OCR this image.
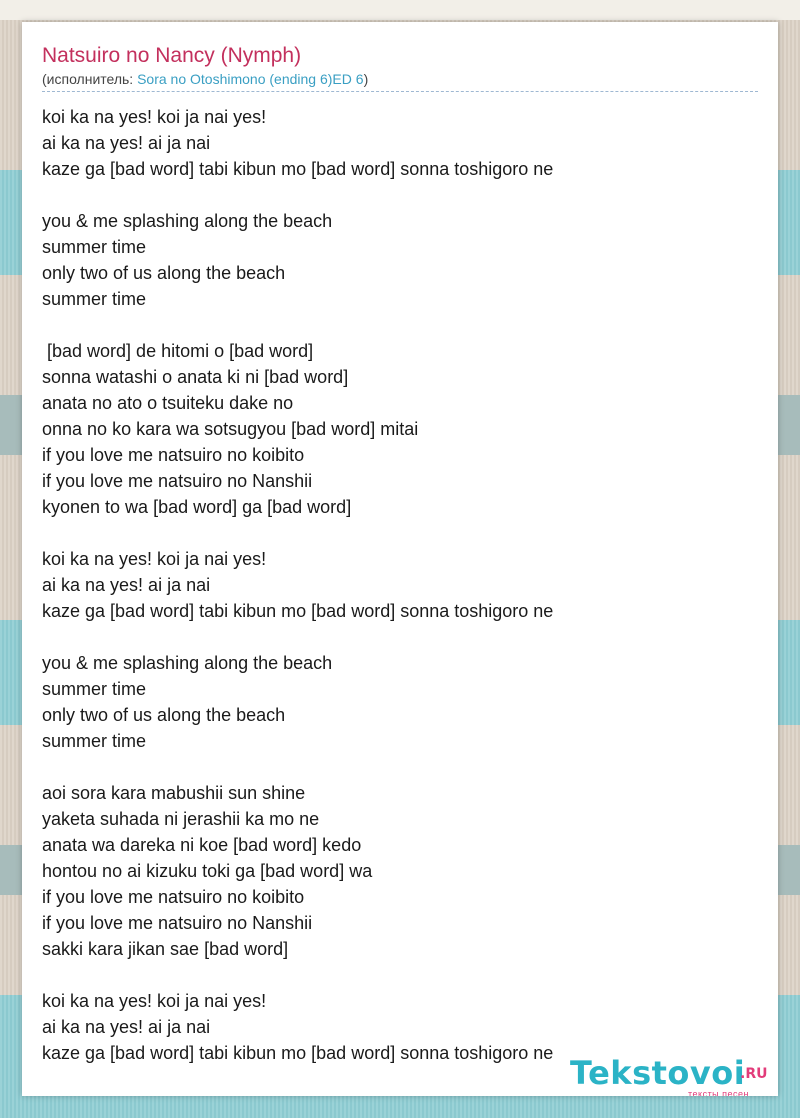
Natsuiro no Nancy (Nymph)
(исполнитель: Sora no Otoshimono (ending 6)ED 6)
koi ka na yes! koi ja nai yes!
ai ka na yes! ai ja nai
kaze ga [bad word] tabi kibun mo [bad word] sonna toshigoro ne
you & me splashing along the beach
summer time
only two of us along the beach
summer time
[bad word] de hitomi o [bad word]
sonna watashi o anata ki ni [bad word]
anata no ato o tsuiteku dake no
onna no ko kara wa sotsugyou [bad word] mitai
if you love me natsuiro no koibito
if you love me natsuiro no Nanshii
kyonen to wa [bad word] ga [bad word]
koi ka na yes! koi ja nai yes!
ai ka na yes! ai ja nai
kaze ga [bad word] tabi kibun mo [bad word] sonna toshigoro ne
you & me splashing along the beach
summer time
only two of us along the beach
summer time
aoi sora kara mabushii sun shine
yaketa suhada ni jerashii ka mo ne
anata wa dareka ni koe [bad word] kedo
hontou no ai kizuku toki ga [bad word] wa
if you love me natsuiro no koibito
if you love me natsuiro no Nanshii
sakki kara jikan sae [bad word]
koi ka na yes! koi ja nai yes!
ai ka na yes! ai ja nai
kaze ga [bad word] tabi kibun mo [bad word] sonna toshigoro ne
Tekstovoi
.RU
тексты песен
